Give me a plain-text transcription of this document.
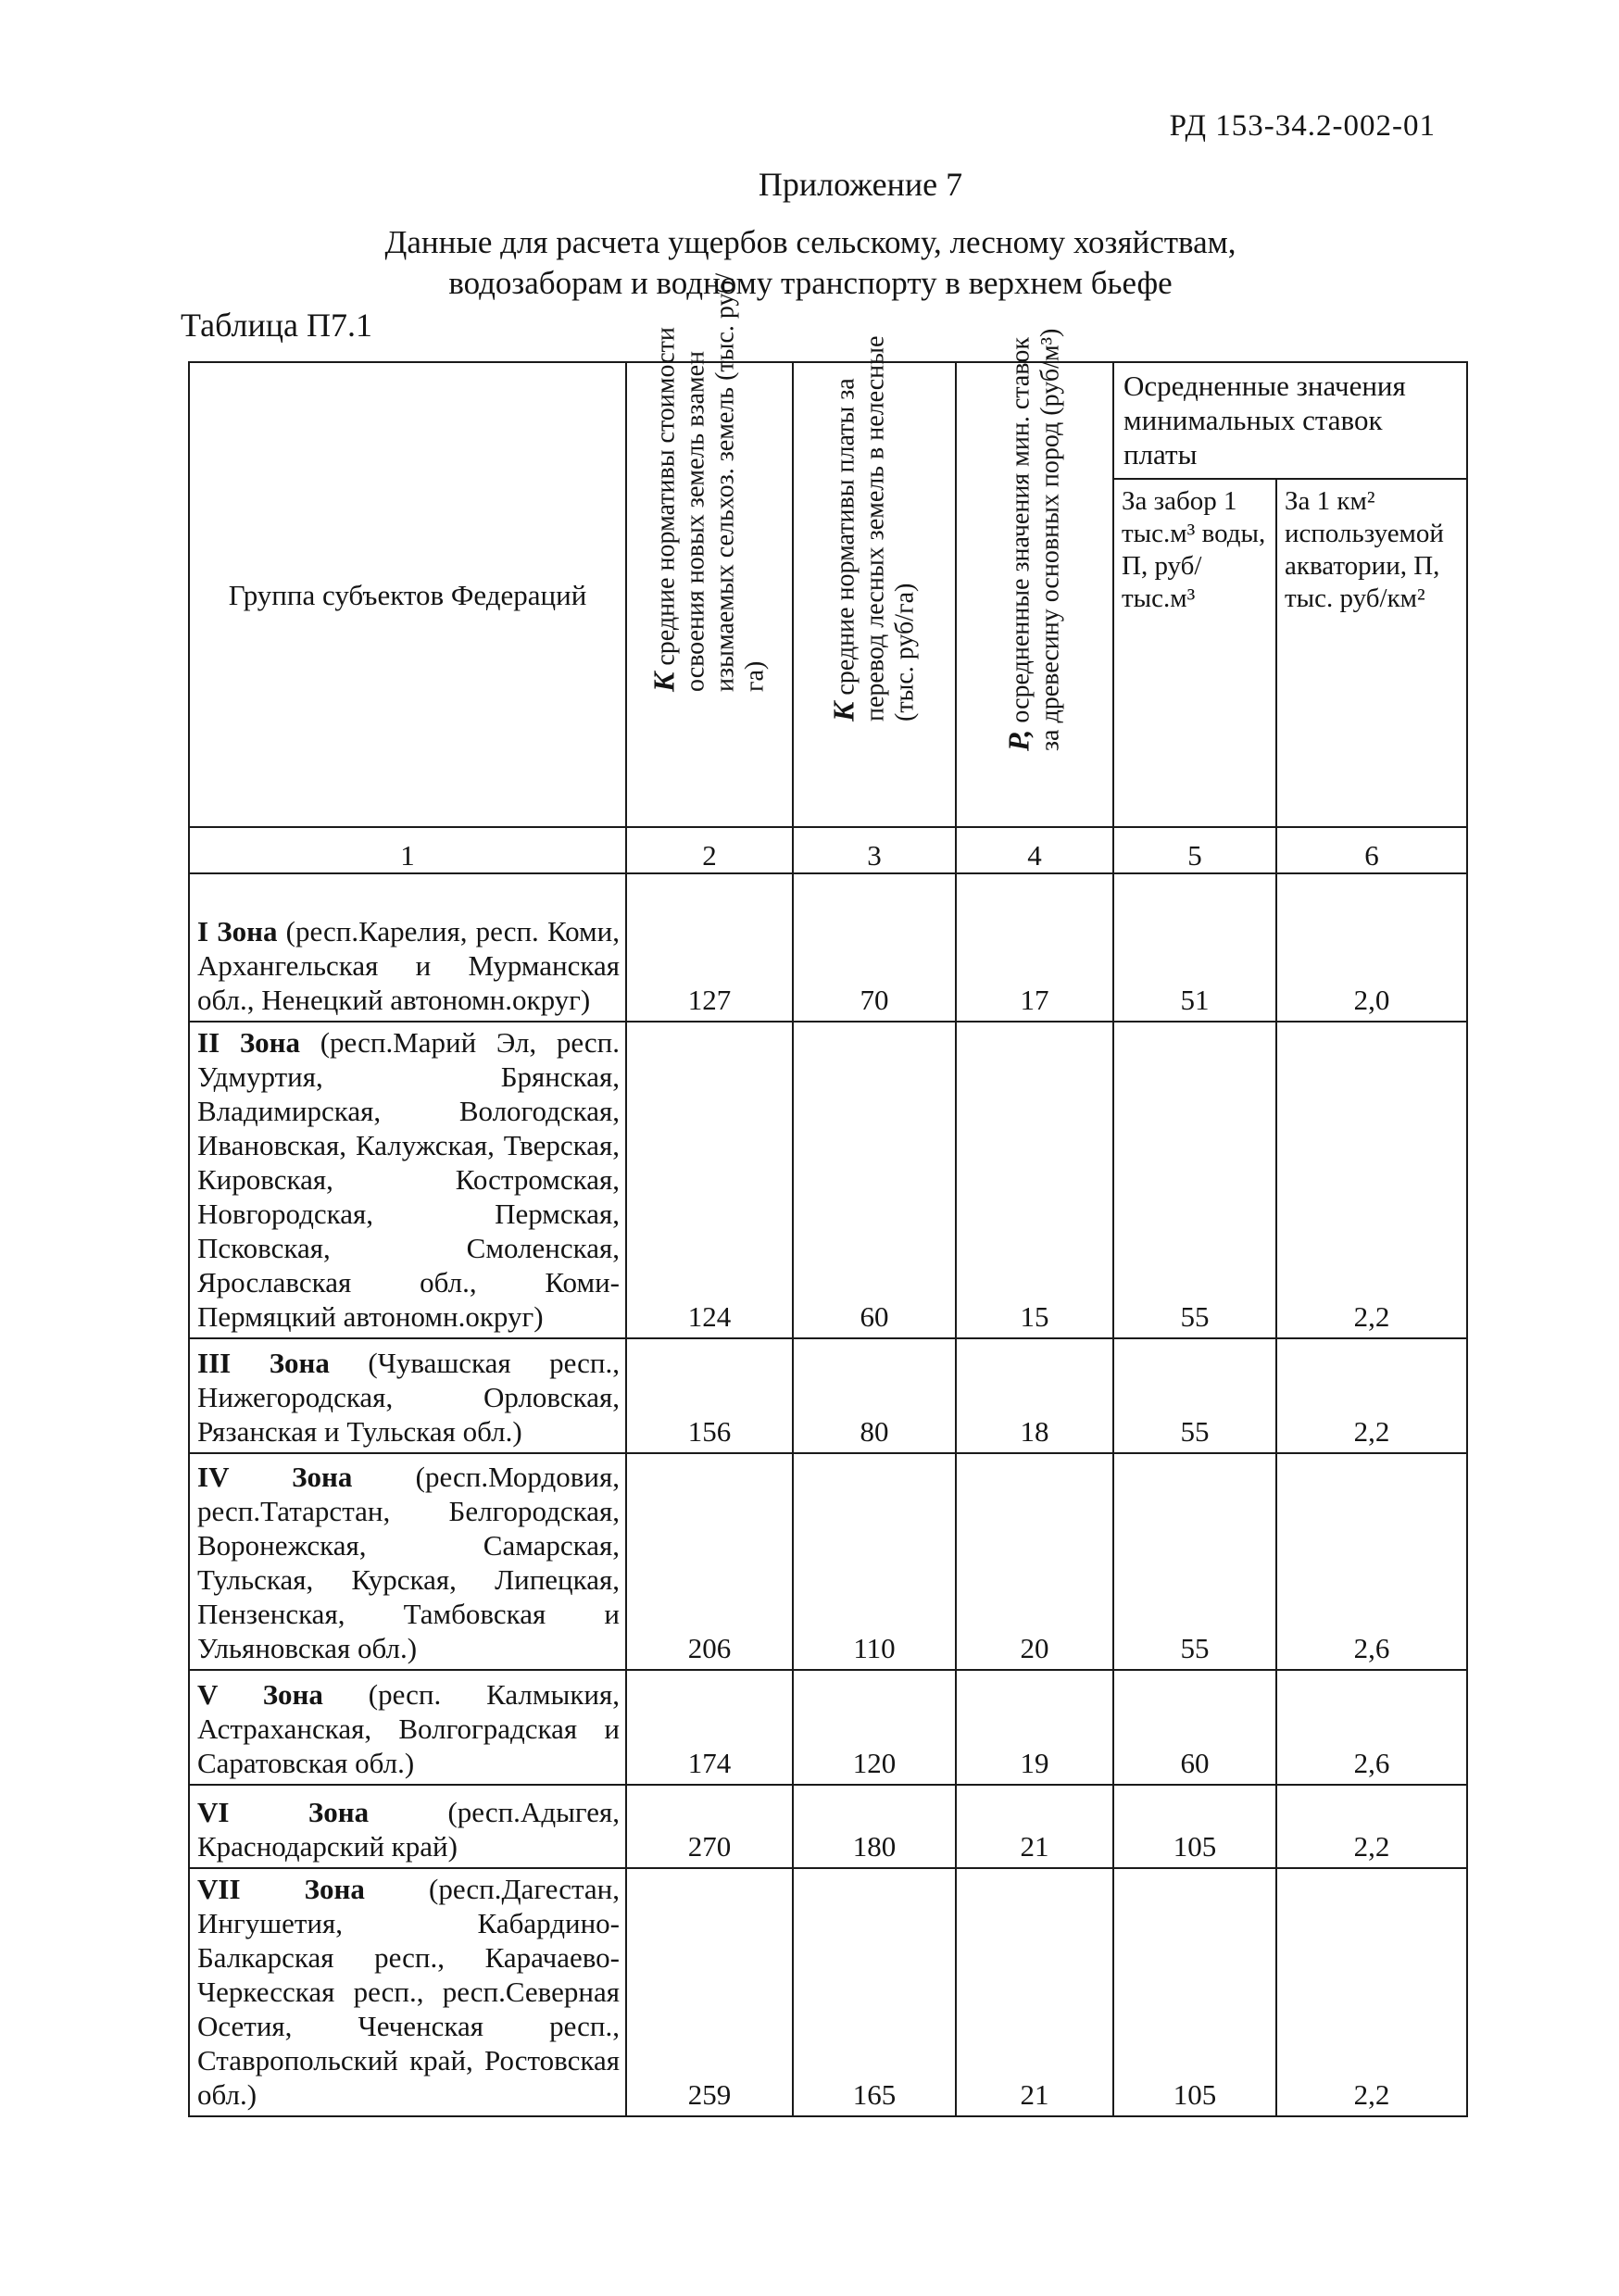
РД 153-34.2-002-01
Приложение 7
Данные для расчета ущербов сельскому, лесному хозяйствам,
водозаборам и водному транспорту в верхнем бьефе
Таблица П7.1
Группа субъектов Федераций	K средние нормативы стоимости освоения новых земель взамен изымаемых сельхоз. земель (тыс. руб/га)	K средние нормативы платы за перевод лесных земель в нелесные (тыс. руб/га)	P, осредненные значения мин. ставок за древесину основных пород (руб/м³)	Осредненные значения минимальных ставок платы	
				За забор 1 тыс.м³ воды, П, руб/тыс.м³	За 1 км² используемой акватории, П, тыс. руб/км²
1	2	3	4	5	6
I Зона (респ.Карелия, респ. Коми, Архангельская и Мурманская обл., Ненецкий автономн.округ)	127	70	17	51	2,0
II Зона (респ.Марий Эл, респ. Удмуртия, Брянская, Владимирская, Вологодская, Ивановская, Калужская, Тверская, Кировская, Костромская, Новгородская, Пермская, Псковская, Смоленская, Ярославская обл., Коми-Пермяцкий автономн.округ)	124	60	15	55	2,2
III Зона (Чувашская респ., Нижегородская, Орловская, Рязанская и Тульская обл.)	156	80	18	55	2,2
IV Зона (респ.Мордовия, респ.Татарстан, Белгородская, Воронежская, Самарская, Тульская, Курская, Липецкая, Пензенская, Тамбовская и Ульяновская обл.)	206	110	20	55	2,6
V Зона (респ. Калмыкия, Астраханская, Волгоградская и Саратовская обл.)	174	120	19	60	2,6
VI Зона (респ.Адыгея, Краснодарский край)	270	180	21	105	2,2
VII Зона (респ.Дагестан, Ингушетия, Кабардино-Балкарская респ., Карачаево-Черкесская респ., респ.Северная Осетия, Чеченская респ., Ставропольский край, Ростовская обл.)	259	165	21	105	2,2
